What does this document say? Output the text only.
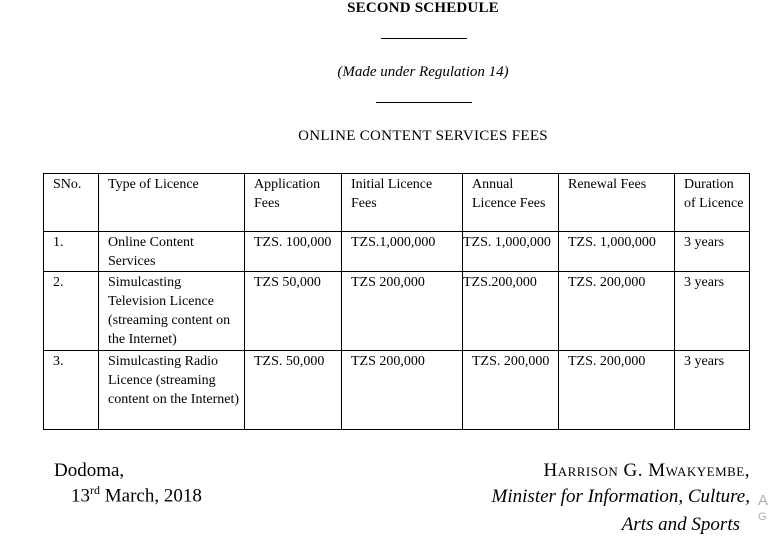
SECOND SCHEDULE
(Made under Regulation 14)
ONLINE CONTENT SERVICES FEES
SNo.	Type of Licence	Application Fees	Initial Licence Fees	Annual Licence Fees	Renewal Fees	Duration of Licence
1.	Online Content Services	TZS. 100,000	TZS.1,000,000	TZS. 1,000,000	TZS. 1,000,000	3 years
2.	Simulcasting Television Licence (streaming content on the Internet)	TZS 50,000	TZS 200,000	TZS.200,000	TZS. 200,000	3 years
3.	Simulcasting Radio Licence (streaming content on the Internet)	TZS. 50,000	TZS 200,000	TZS. 200,000	TZS. 200,000	3 years
Dodoma,
13rd March, 2018
Harrison G. Mwakyembe,
Minister for Information, Culture,
Arts and Sports
A
G
